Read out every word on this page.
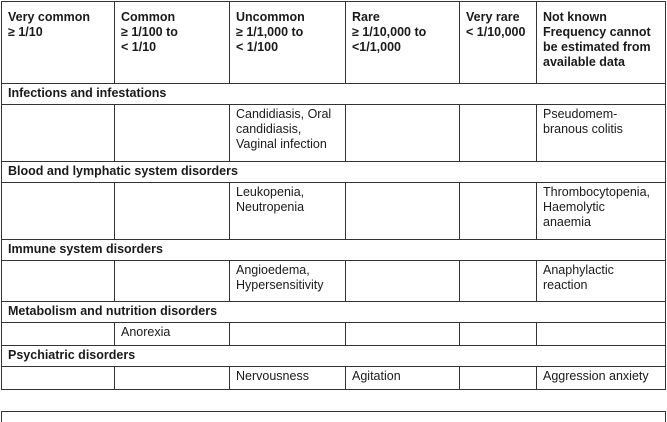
Very common
≥ 1/10	Common
≥ 1/100 to
< 1/10	Uncommon
≥ 1/1,000 to
< 1/100	Rare
≥ 1/10,000 to
<1/1,000	Very rare
< 1/10,000	Not known
Frequency cannot
be estimated from
available data

Infections and infestations					

		Candidiasis, Oral
candidiasis,
Vaginal infection			Pseudomem-
branous colitis

Blood and lymphatic system disorders					

		Leukopenia,
Neutropenia			Thrombocytopenia,
Haemolytic
anaemia

Immune system disorders					

		Angioedema,
Hypersensitivity			Anaphylactic
reaction

Metabolism and nutrition disorders					

	Anorexia				

Psychiatric disorders					

		Nervousness	Agitation		Aggression anxiety
